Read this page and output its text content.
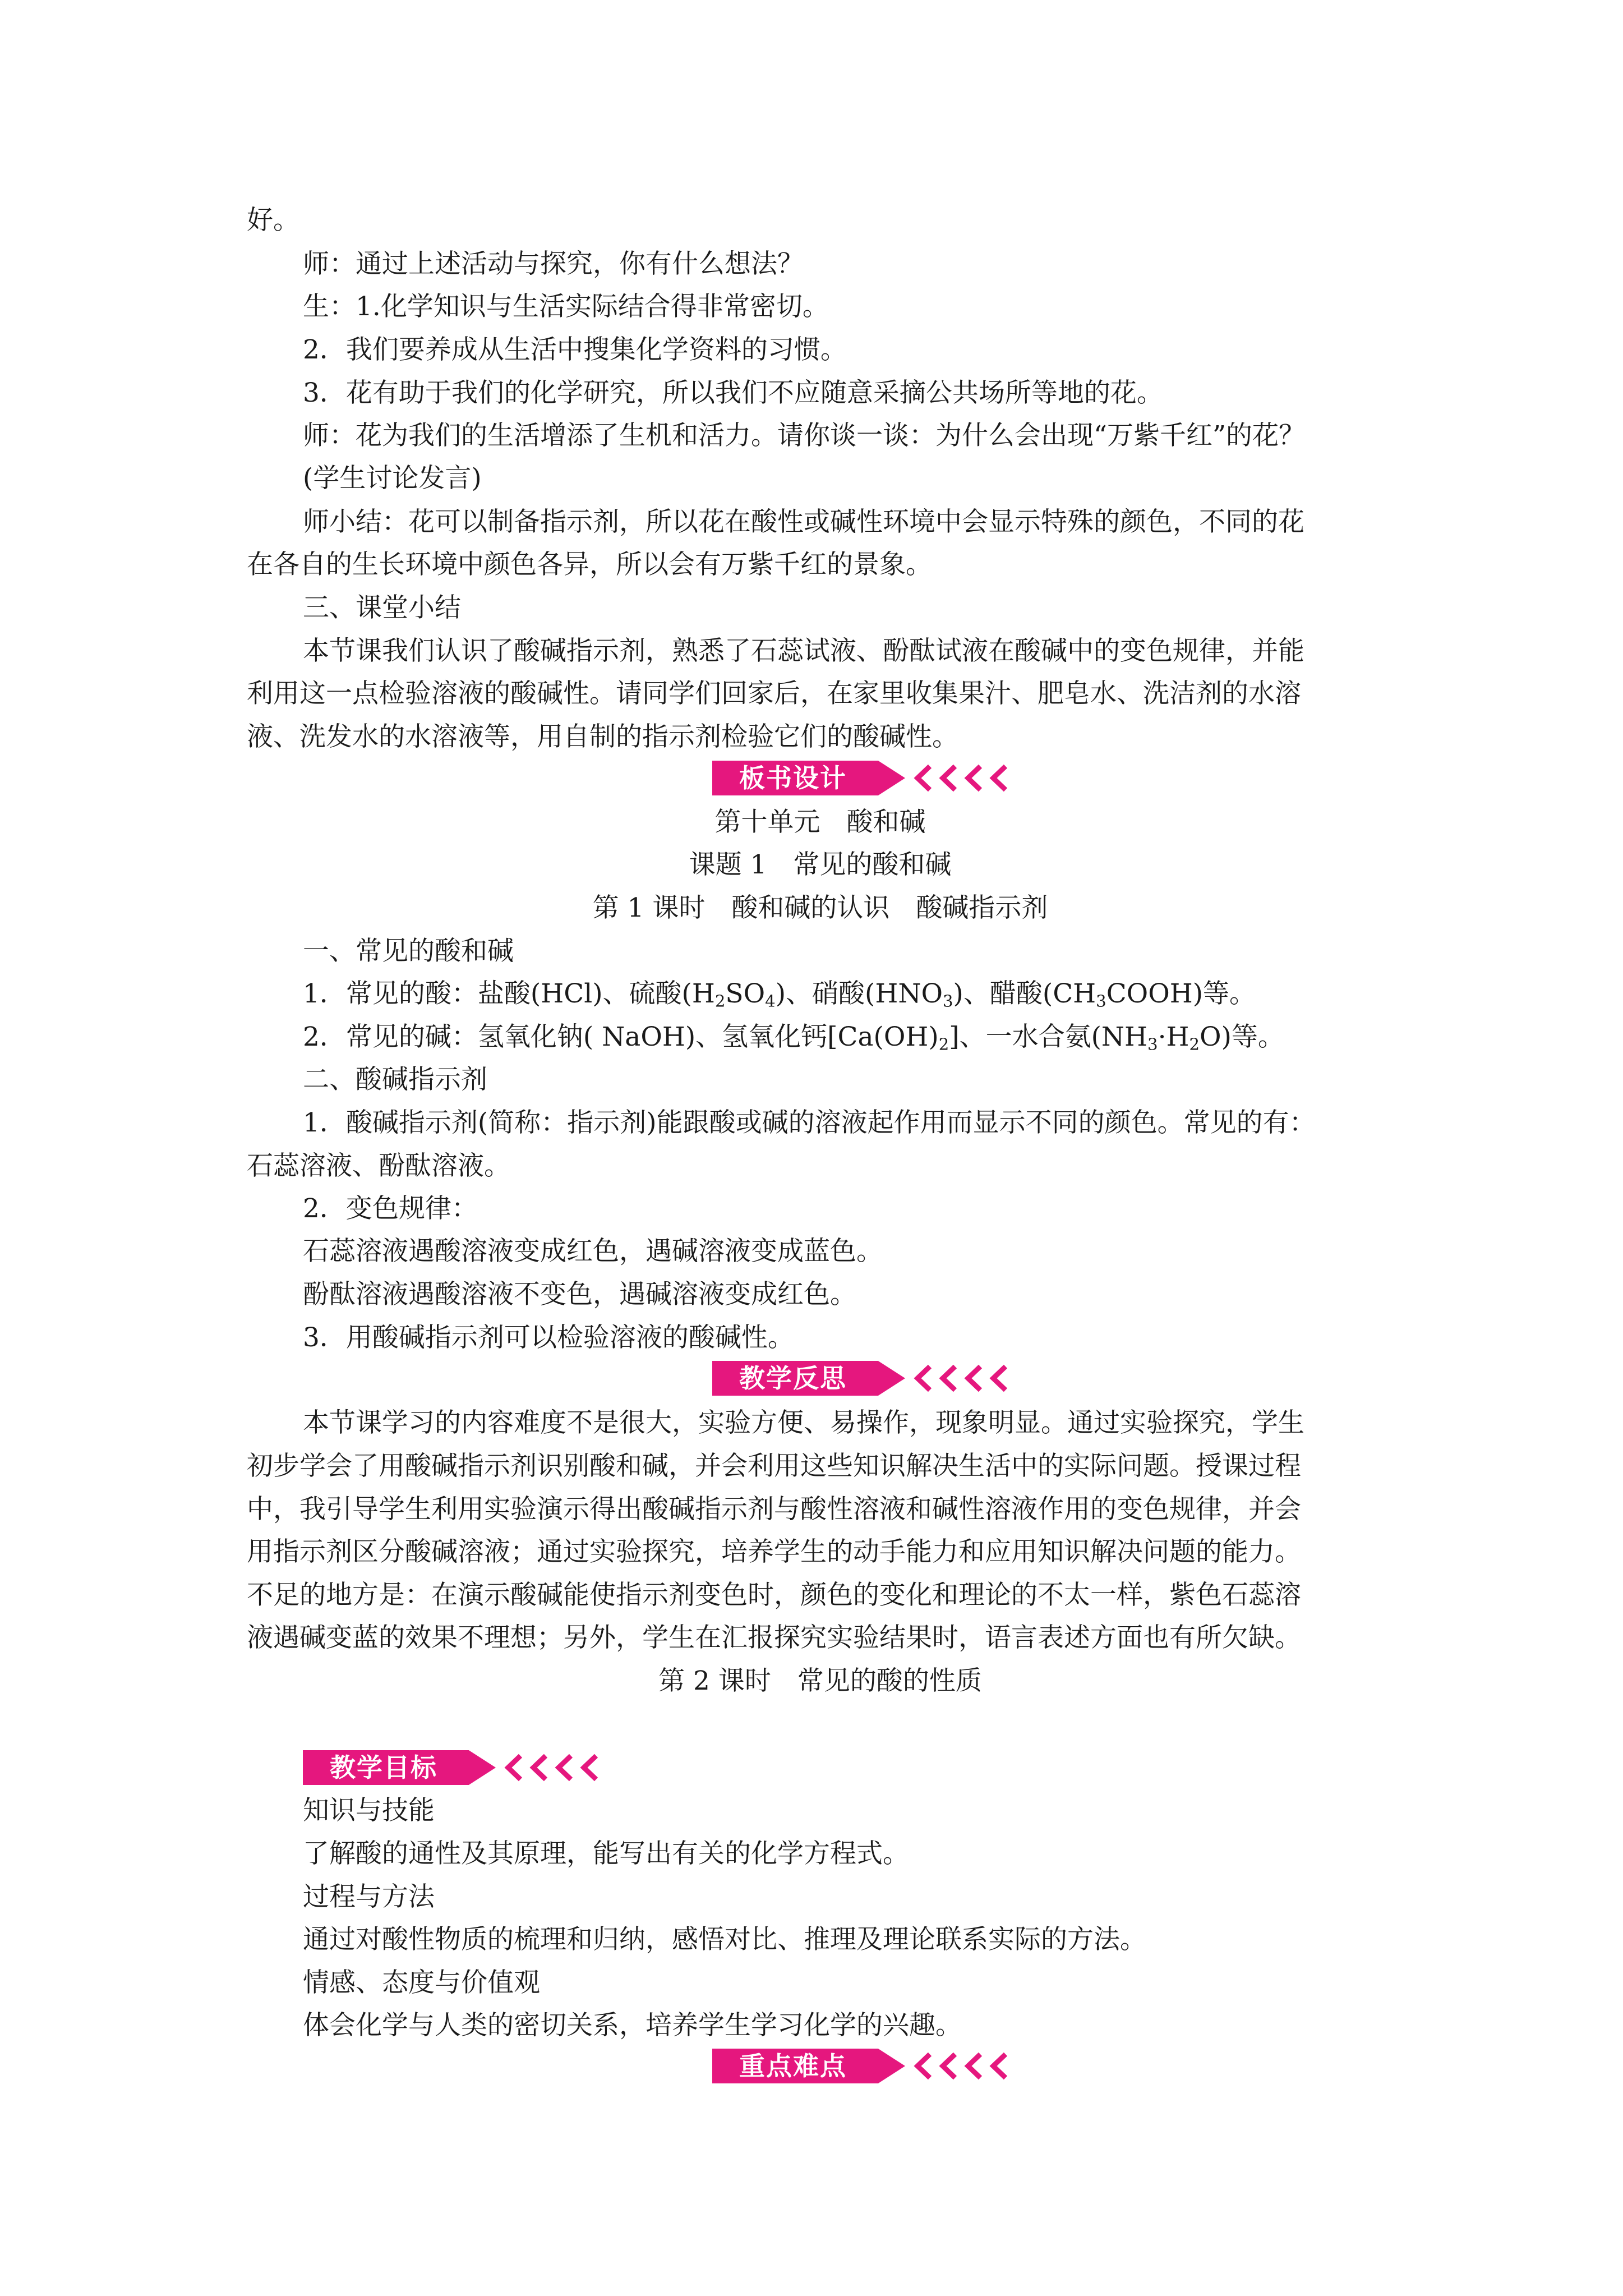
好。

师：通过上述活动与探究，你有什么想法？

生：1.化学知识与生活实际结合得非常密切。

2．我们要养成从生活中搜集化学资料的习惯。

3．花有助于我们的化学研究，所以我们不应随意采摘公共场所等地的花。

师：花为我们的生活增添了生机和活力。请你谈一谈：为什么会出现“万紫千红”的花？

(学生讨论发言)

师小结：花可以制备指示剂，所以花在酸性或碱性环境中会显示特殊的颜色，不同的花

在各自的生长环境中颜色各异，所以会有万紫千红的景象。

三、课堂小结

本节课我们认识了酸碱指示剂，熟悉了石蕊试液、酚酞试液在酸碱中的变色规律，并能

利用这一点检验溶液的酸碱性。请同学们回家后，在家里收集果汁、肥皂水、洗洁剂的水溶

液、洗发水的水溶液等，用自制的指示剂检验它们的酸碱性。

板书设计

第十单元　酸和碱

课题 1　常见的酸和碱

第 1 课时　酸和碱的认识　酸碱指示剂

一、常见的酸和碱

1．常见的酸：盐酸(HCl)、硫酸$(H_2SO_4)$、硝酸$(HNO_3)$、醋酸$(CH_3COOH)$等。

2．常见的碱：氢氧化钠( NaOH)、氢氧化钙$[Ca(OH)_2]$、一水合氨$(NH_3\cdot H_2O)$等。

二、酸碱指示剂

1．酸碱指示剂(简称：指示剂)能跟酸或碱的溶液起作用而显示不同的颜色。常见的有：

石蕊溶液、酚酞溶液。

2．变色规律：

石蕊溶液遇酸溶液变成红色，遇碱溶液变成蓝色。

酚酞溶液遇酸溶液不变色，遇碱溶液变成红色。

3．用酸碱指示剂可以检验溶液的酸碱性。

教学反思

本节课学习的内容难度不是很大，实验方便、易操作，现象明显。通过实验探究，学生

初步学会了用酸碱指示剂识别酸和碱，并会利用这些知识解决生活中的实际问题。授课过程

中，我引导学生利用实验演示得出酸碱指示剂与酸性溶液和碱性溶液作用的变色规律，并会

用指示剂区分酸碱溶液；通过实验探究，培养学生的动手能力和应用知识解决问题的能力。

不足的地方是：在演示酸碱能使指示剂变色时，颜色的变化和理论的不太一样，紫色石蕊溶

液遇碱变蓝的效果不理想；另外，学生在汇报探究实验结果时，语言表述方面也有所欠缺。

第 2 课时　常见的酸的性质

教学目标

知识与技能

了解酸的通性及其原理，能写出有关的化学方程式。

过程与方法

通过对酸性物质的梳理和归纳，感悟对比、推理及理论联系实际的方法。

情感、态度与价值观

体会化学与人类的密切关系，培养学生学习化学的兴趣。

重点难点
